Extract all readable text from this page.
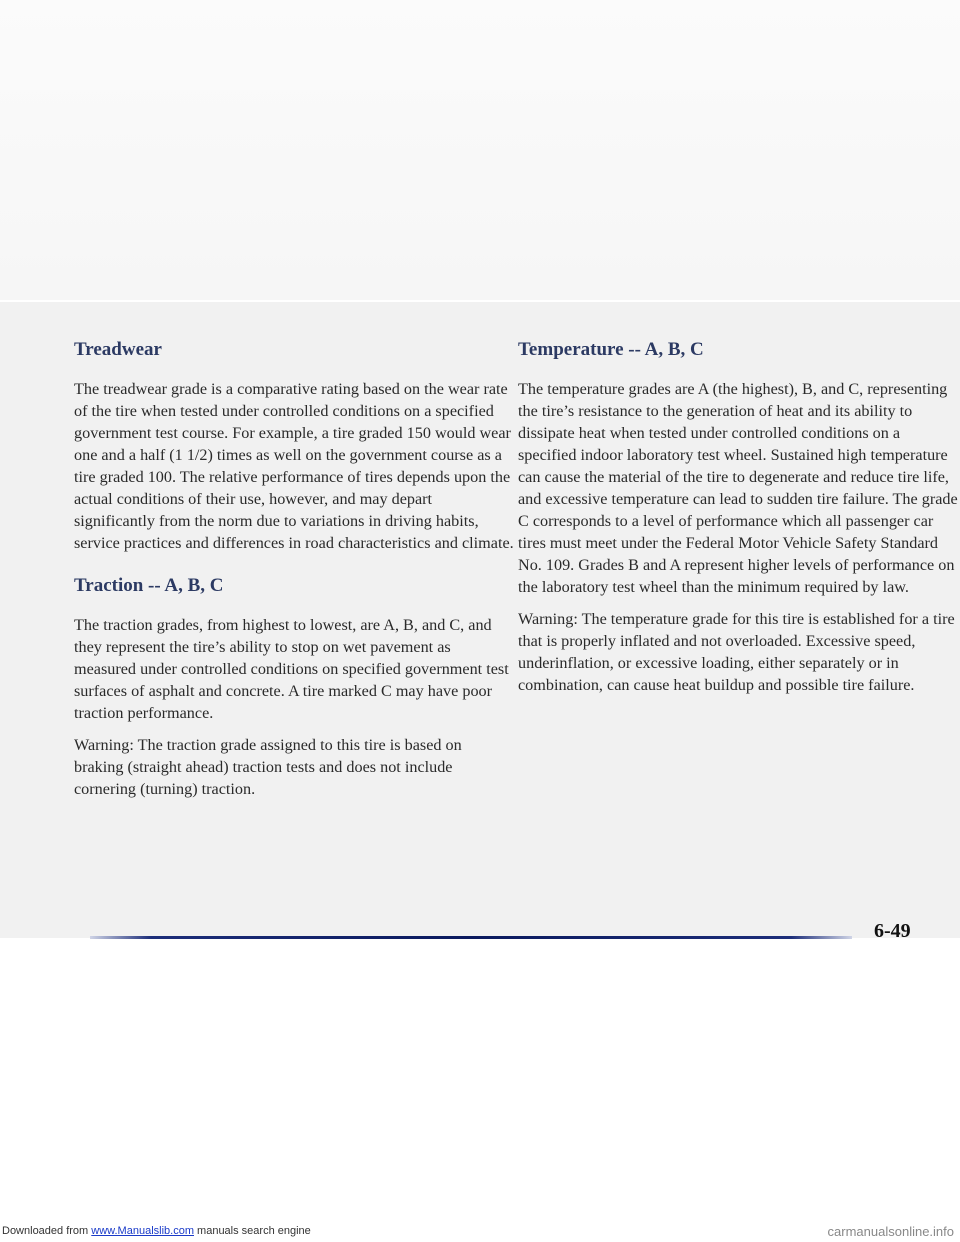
Treadwear

The treadwear grade is a comparative rating based on the wear rate of the tire when tested under controlled conditions on a specified government test course. For example, a tire graded 150 would wear one and a half (1 1/2) times as well on the government course as a tire graded 100. The relative performance of tires depends upon the actual conditions of their use, however, and may depart significantly from the norm due to variations in driving habits, service practices and differences in road characteristics and climate.

Traction -- A, B, C

The traction grades, from highest to lowest, are A, B, and C, and they represent the tire’s ability to stop on wet pavement as measured under controlled conditions on specified government test surfaces of asphalt and concrete. A tire marked C may have poor traction performance.

Warning: The traction grade assigned to this tire is based on braking (straight ahead) traction tests and does not include cornering (turning) traction.

Temperature -- A, B, C

The temperature grades are A (the highest), B, and C, representing the tire’s resistance to the generation of heat and its ability to dissipate heat when tested under controlled conditions on a specified indoor laboratory test wheel. Sustained high temperature can cause the material of the tire to degenerate and reduce tire life, and excessive temperature can lead to sudden tire failure. The grade C corresponds to a level of performance which all passenger car tires must meet under the Federal Motor Vehicle Safety Standard No. 109. Grades B and A represent higher levels of performance on the laboratory test wheel than the minimum required by law.

Warning: The temperature grade for this tire is established for a tire that is properly inflated and not overloaded. Excessive speed, underinflation, or excessive loading, either separately or in combination, can cause heat buildup and possible tire failure.

6-49
Downloaded from www.Manualslib.com manuals search engine	carmanualsonline.info
